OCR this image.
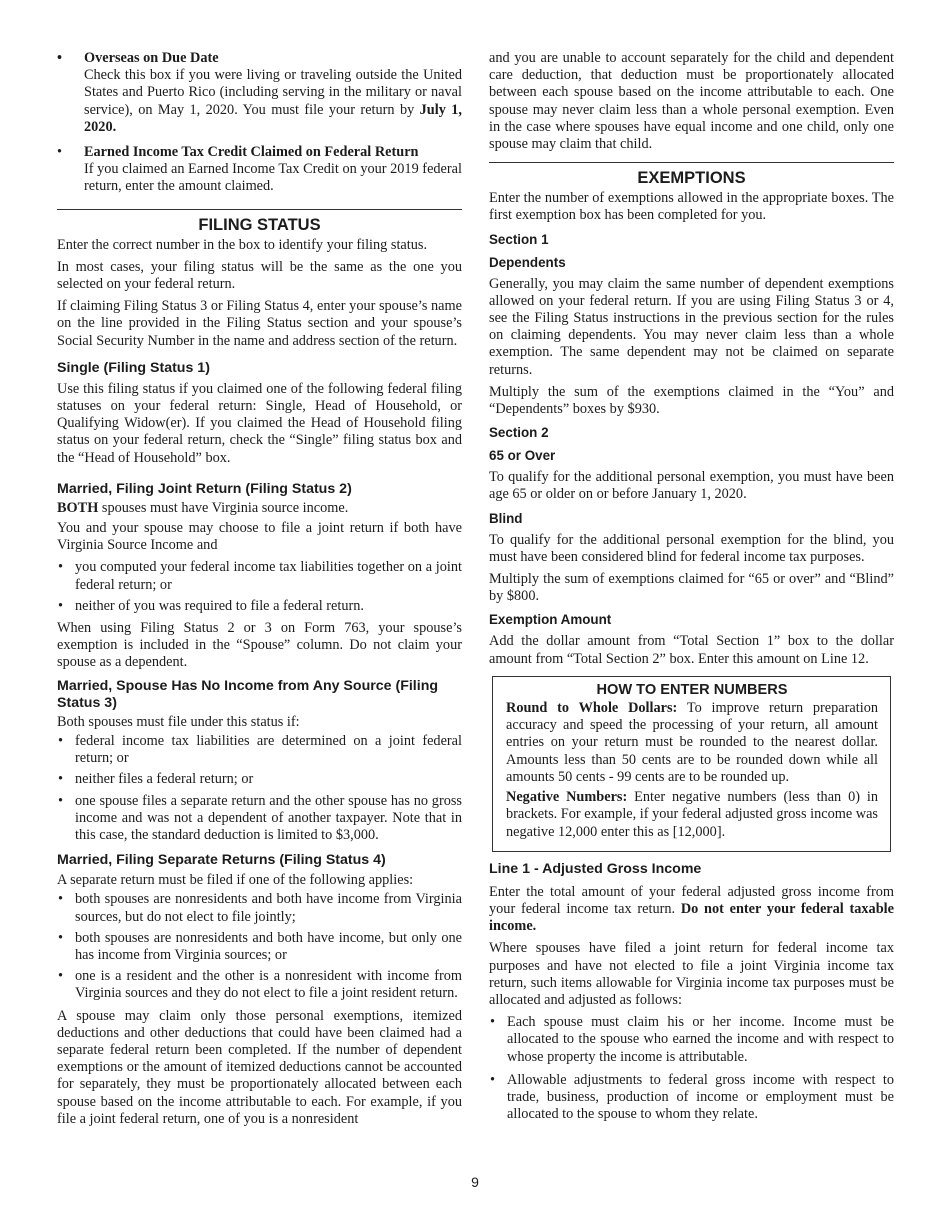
• Overseas on Due Date

Check this box if you were living or traveling outside the United States and Puerto Rico (including serving in the military or naval service), on May 1, 2020. You must file your return by July 1, 2020.

• Earned Income Tax Credit Claimed on Federal Return

If you claimed an Earned Income Tax Credit on your 2019 federal return, enter the amount claimed.

FILING STATUS

Enter the correct number in the box to identify your filing status.

In most cases, your filing status will be the same as the one you selected on your federal return.

If claiming Filing Status 3 or Filing Status 4, enter your spouse’s name on the line provided in the Filing Status section and your spouse’s Social Security Number in the name and address section of the return.

Single (Filing Status 1)

Use this filing status if you claimed one of the following federal filing statuses on your federal return: Single, Head of Household, or Qualifying Widow(er). If you claimed the Head of Household filing status on your federal return, check the “Single” filing status box and the “Head of Household” box.

Married, Filing Joint Return (Filing Status 2)

BOTH spouses must have Virginia source income.

You and your spouse may choose to file a joint return if both have Virginia Source Income and

• you computed your federal income tax liabilities together on a joint federal return; or
• neither of you was required to file a federal return.

When using Filing Status 2 or 3 on Form 763, your spouse’s exemption is included in the “Spouse” column. Do not claim your spouse as a dependent.

Married, Spouse Has No Income from Any Source (Filing Status 3)

Both spouses must file under this status if:

• federal income tax liabilities are determined on a joint federal return; or
• neither files a federal return; or
• one spouse files a separate return and the other spouse has no gross income and was not a dependent of another taxpayer. Note that in this case, the standard deduction is limited to $3,000.
Married, Filing Separate Returns (Filing Status 4)

A separate return must be filed if one of the following applies:

• both spouses are nonresidents and both have income from Virginia sources, but do not elect to file jointly;
• both spouses are nonresidents and both have income, but only one has income from Virginia sources; or
• one is a resident and the other is a nonresident with income from Virginia sources and they do not elect to file a joint resident return.

A spouse may claim only those personal exemptions, itemized deductions and other deductions that could have been claimed had a separate federal return been completed. If the number of dependent exemptions or the amount of itemized deductions cannot be accounted for separately, they must be proportionately allocated between each spouse based on the income attributable to each. For example, if you file a joint federal return, one of you is a nonresident

and you are unable to account separately for the child and dependent care deduction, that deduction must be proportionately allocated between each spouse based on the income attributable to each. One spouse may never claim less than a whole personal exemption. Even in the case where spouses have equal income and one child, only one spouse may claim that child.

EXEMPTIONS

Enter the number of exemptions allowed in the appropriate boxes. The first exemption box has been completed for you.

Section 1
Dependents

Generally, you may claim the same number of dependent exemptions allowed on your federal return. If you are using Filing Status 3 or 4, see the Filing Status instructions in the previous section for the rules on claiming dependents. You may never claim less than a whole exemption. The same dependent may not be claimed on separate returns.

Multiply the sum of the exemptions claimed in the “You” and “Dependents” boxes by $930.

Section 2
65 or Over

To qualify for the additional personal exemption, you must have been age 65 or older on or before January 1, 2020.

Blind

To qualify for the additional personal exemption for the blind, you must have been considered blind for federal income tax purposes.

Multiply the sum of exemptions claimed for “65 or over” and “Blind” by $800.

Exemption Amount

Add the dollar amount from “Total Section 1” box to the dollar amount from “Total Section 2” box. Enter this amount on Line 12.

HOW TO ENTER NUMBERS

Round to Whole Dollars: To improve return preparation accuracy and speed the processing of your return, all amount entries on your return must be rounded to the nearest dollar. Amounts less than 50 cents are to be rounded down while all amounts 50 cents - 99 cents are to be rounded up.

Negative Numbers: Enter negative numbers (less than 0) in brackets. For example, if your federal adjusted gross income was negative 12,000 enter this as [12,000].

Line 1 - Adjusted Gross Income

Enter the total amount of your federal adjusted gross income from your federal income tax return. Do not enter your federal taxable income.

Where spouses have filed a joint return for federal income tax purposes and have not elected to file a joint Virginia income tax return, such items allowable for Virginia income tax purposes must be allocated and adjusted as follows:

• Each spouse must claim his or her income. Income must be allocated to the spouse who earned the income and with respect to whose property the income is attributable.
• Allowable adjustments to federal gross income with respect to trade, business, production of income or employment must be allocated to the spouse to whom they relate.
9
